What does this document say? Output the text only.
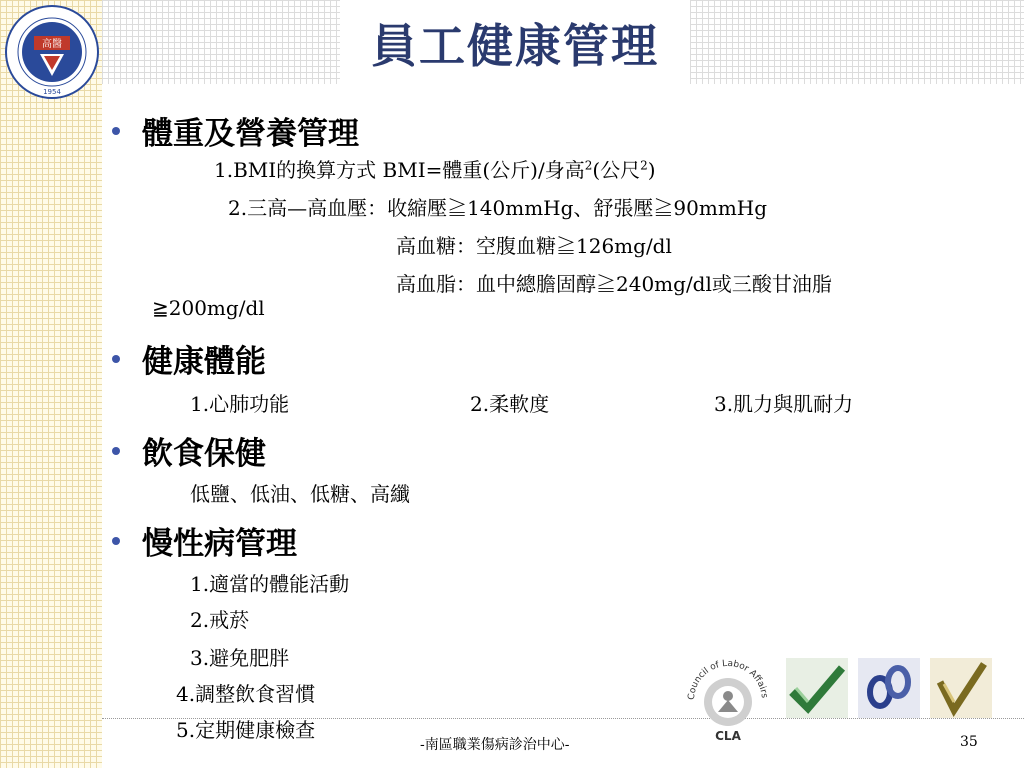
高醫
1954
員工健康管理
體重及營養管理
1.BMI的換算方式 BMI=體重(公斤)/身高$^2$(公尺$^2$)
2.三高—高血壓：收縮壓≧140mmHg、舒張壓≧90mmHg
高血糖：空腹血糖≧126mg/dl
高血脂：血中總膽固醇≧240mg/dl或三酸甘油脂
≧200mg/dl
健康體能
1.心肺功能	2.柔軟度	3.肌力與肌耐力
飲食保健
低鹽、低油、低糖、高纖
慢性病管理
1.適當的體能活動
2.戒菸
3.避免肥胖
4.調整飲食習慣
5.定期健康檢查
-南區職業傷病診治中心-	35
Council of Labor Affairs
CLA
